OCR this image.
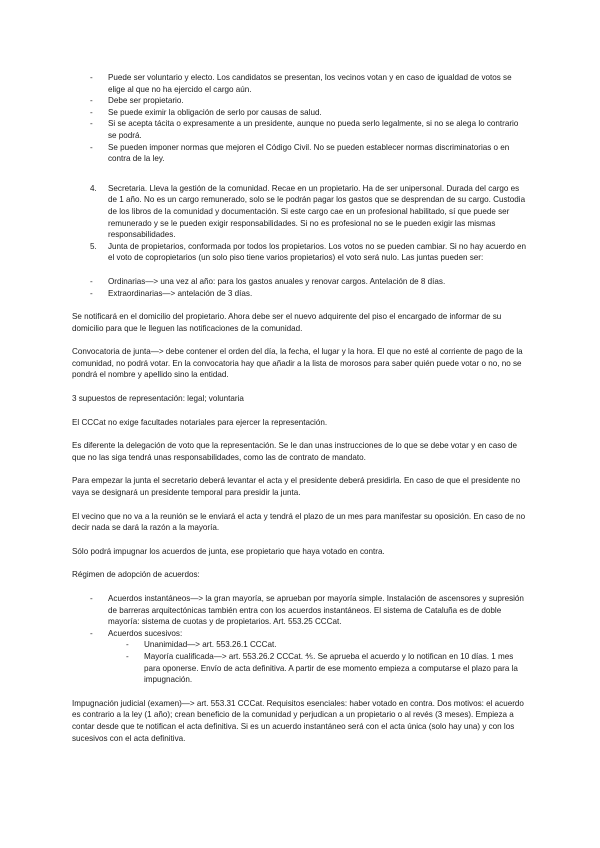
- Puede ser voluntario y electo. Los candidatos se presentan, los vecinos votan y en caso de igualdad de votos se elige al que no ha ejercido el cargo aún.
- Debe ser propietario.
- Se puede eximir la obligación de serlo por causas de salud.
- Si se acepta tácita o expresamente a un presidente, aunque no pueda serlo legalmente, si no se alega lo contrario se podrá.
- Se pueden imponer normas que mejoren el Código Civil. No se pueden establecer normas discriminatorias o en contra de la ley.
4. Secretaria. Lleva la gestión de la comunidad. Recae en un propietario. Ha de ser unipersonal. Durada del cargo es de 1 año. No es un cargo remunerado, solo se le podrán pagar los gastos que se desprendan de su cargo. Custodia de los libros de la comunidad y documentación. Si este cargo cae en un profesional habilitado, sí que puede ser remunerado y se le pueden exigir responsabilidades. Si no es profesional no se le pueden exigir las mismas responsabilidades.
5. Junta de propietarios, conformada por todos los propietarios. Los votos no se pueden cambiar. Si no hay acuerdo en el voto de copropietarios (un solo piso tiene varios propietarios) el voto será nulo. Las juntas pueden ser:
- Ordinarias—> una vez al año: para los gastos anuales y renovar cargos. Antelación de 8 días.
- Extraordinarias—> antelación de 3 días.

Se notificará en el domicilio del propietario. Ahora debe ser el nuevo adquirente del piso el encargado de informar de su domicilio para que le lleguen las notificaciones de la comunidad.

Convocatoria de junta—> debe contener el orden del día, la fecha, el lugar y la hora. El que no esté al corriente de pago de la comunidad, no podrá votar. En la convocatoria hay que añadir a la lista de morosos para saber quién puede votar o no, no se pondrá el nombre y apellido sino la entidad.

3 supuestos de representación: legal; voluntaria

El CCCat no exige facultades notariales para ejercer la representación.

Es diferente la delegación de voto que la representación. Se le dan unas instrucciones de lo que se debe votar y en caso de que no las siga tendrá unas responsabilidades, como las de contrato de mandato.

Para empezar la junta el secretario deberá levantar el acta y el presidente deberá presidirla. En caso de que el presidente no vaya se designará un presidente temporal para presidir la junta.

El vecino que no va a la reunión se le enviará el acta y tendrá el plazo de un mes para manifestar su oposición. En caso de no decir nada se dará la razón a la mayoría.

Sólo podrá impugnar los acuerdos de junta, ese propietario que haya votado en contra.

Régimen de adopción de acuerdos:

- Acuerdos instantáneos—> la gran mayoría, se aprueban por mayoría simple. Instalación de ascensores y supresión de barreras arquitectónicas también entra con los acuerdos instantáneos. El sistema de Cataluña es de doble mayoría: sistema de cuotas y de propietarios. Art. 553.25 CCCat.
- Acuerdos sucesivos:
- Unanimidad—> art. 553.26.1 CCCat.
- Mayoría cualificada—> art. 553.26.2 CCCat. ⅘. Se aprueba el acuerdo y lo notifican en 10 días. 1 mes para oponerse. Envío de acta definitiva. A partir de ese momento empieza a computarse el plazo para la impugnación.

Impugnación judicial (examen)—> art. 553.31 CCCat. Requisitos esenciales: haber votado en contra. Dos motivos: el acuerdo es contrario a la ley (1 año); crean beneficio de la comunidad y perjudican a un propietario o al revés (3 meses). Empieza a contar desde que te notifican el acta definitiva. Si es un acuerdo instantáneo será con el acta única (solo hay una) y con los sucesivos con el acta definitiva.
